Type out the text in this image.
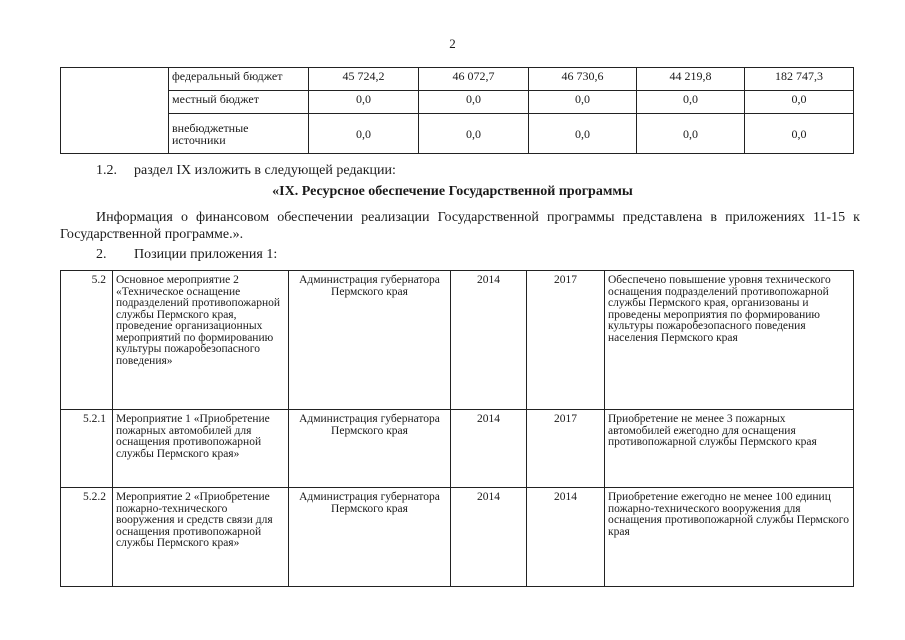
2
	федеральный бюджет	45 724,2	46 072,7	46 730,6	44 219,8	182 747,3
	местный бюджет	0,0	0,0	0,0	0,0	0,0
	внебюджетные источники	0,0	0,0	0,0	0,0	0,0
1.2. раздел IX изложить в следующей редакции:
«IX. Ресурсное обеспечение Государственной программы
Информация о финансовом обеспечении реализации Государственной программы представлена в приложениях 11-15 к Государственной программе.».
2. Позиции приложения 1:
5.2	Основное мероприятие 2 «Техническое оснащение подразделений противопожарной службы Пермского края, проведение организационных мероприятий по формированию культуры пожаробезопасного поведения»	Администрация губернатора Пермского края	2014	2017	Обеспечено повышение уровня технического оснащения подразделений противопожарной службы Пермского края, организованы и проведены мероприятия по формированию культуры пожаробезопасного поведения населения Пермского края
5.2.1	Мероприятие 1 «Приобретение пожарных автомобилей для оснащения противопожарной службы Пермского края»	Администрация губернатора Пермского края	2014	2017	Приобретение не менее 3 пожарных автомобилей ежегодно для оснащения противопожарной службы Пермского края
5.2.2	Мероприятие 2 «Приобретение пожарно-технического вооружения и средств связи для оснащения противопожарной службы Пермского края»	Администрация губернатора Пермского края	2014	2014	Приобретение ежегодно не менее 100 единиц пожарно-технического вооружения для оснащения противопожарной службы Пермского края
